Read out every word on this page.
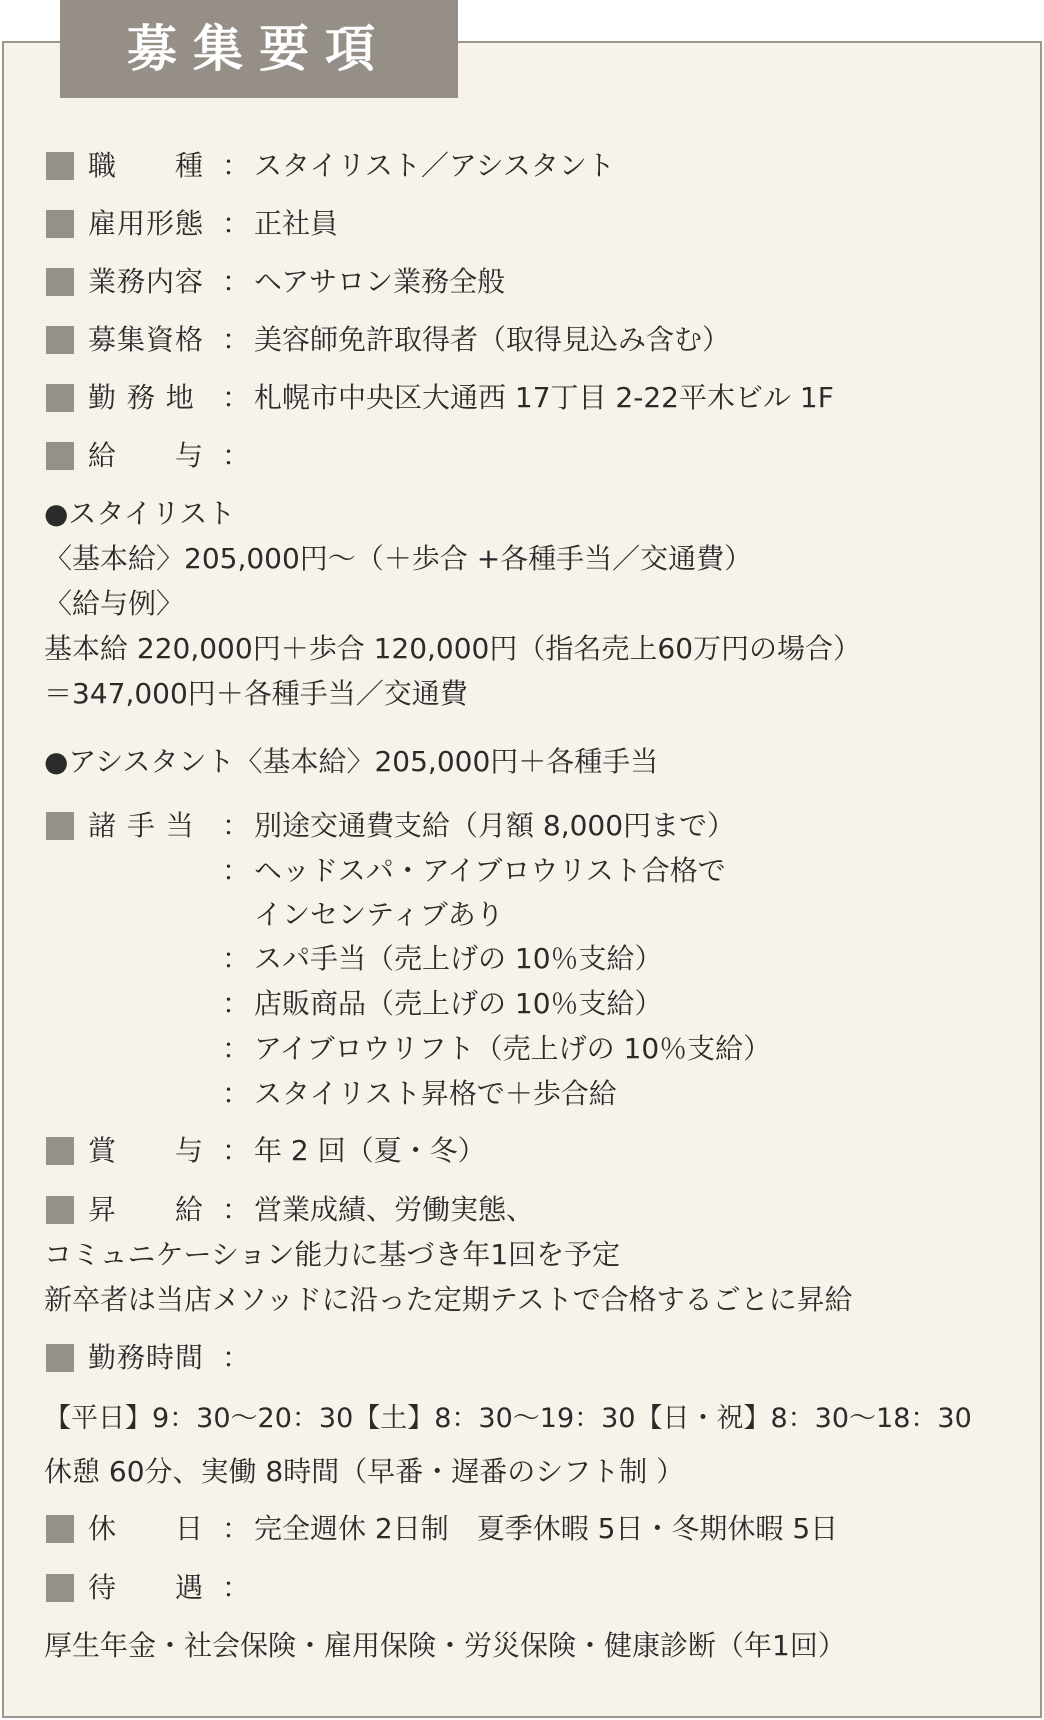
募集要項
職　　種 ： スタイリスト／アシスタント
雇用形態 ： 正社員
業務内容 ： ヘアサロン業務全般
募集資格 ： 美容師免許取得者（取得見込み含む）
勤 務 地 ： 札幌市中央区大通西 17丁目 2-22平木ビル 1F
給　　与 ：
●スタイリスト
〈基本給〉205,000円～（＋歩合 +各種手当／交通費）
〈給与例〉
基本給 220,000円＋歩合 120,000円（指名売上60万円の場合）
＝347,000円＋各種手当／交通費
●アシスタント〈基本給〉205,000円＋各種手当
諸 手 当 ： 別途交通費支給（月額 8,000円まで）
： ヘッドスパ・アイブロウリスト合格で
インセンティブあり
： スパ手当（売上げの 10％支給）
： 店販商品（売上げの 10％支給）
： アイブロウリフト（売上げの 10％支給）
： スタイリスト昇格で＋歩合給
賞　　与 ： 年 2 回（夏・冬）
昇　　給 ： 営業成績、労働実態、
コミュニケーション能力に基づき年1回を予定
新卒者は当店メソッドに沿った定期テストで合格するごとに昇給
勤務時間 ：
【平日】9：30～20：30【土】8：30～19：30【日・祝】8：30～18：30
休憩 60分、実働 8時間（早番・遅番のシフト制 ）
休　　日 ： 完全週休 2日制　夏季休暇 5日・冬期休暇 5日
待　　遇 ：
厚生年金・社会保険・雇用保険・労災保険・健康診断（年1回）
